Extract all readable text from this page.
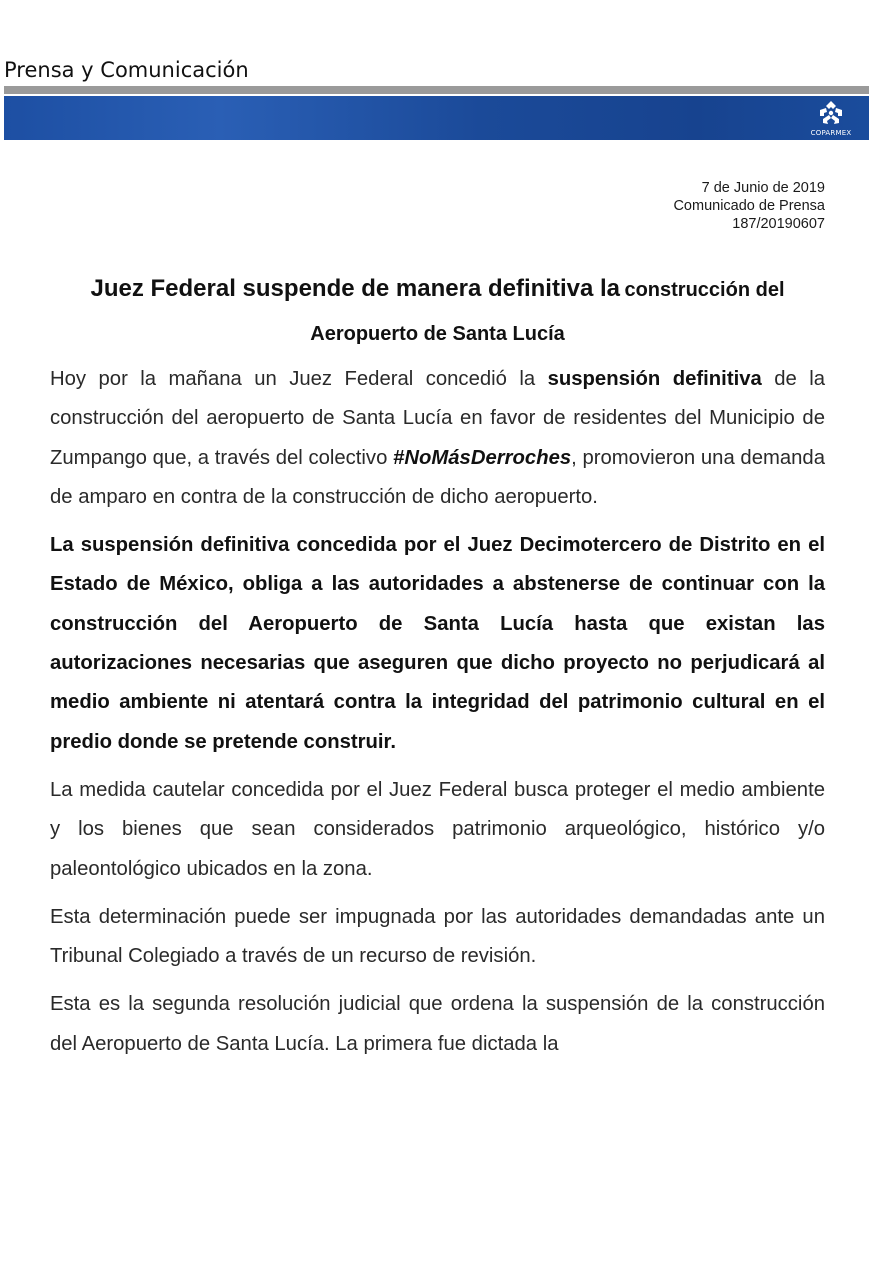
Prensa y Comunicación
COPARMEX
7 de Junio de 2019
Comunicado de Prensa
187/20190607
Juez Federal suspende de manera definitiva la construcción del
Aeropuerto de Santa Lucía

Hoy por la mañana un Juez Federal concedió la suspensión definitiva de la construcción del aeropuerto de Santa Lucía en favor de residentes del Municipio de Zumpango que, a través del colectivo #NoMásDerroches, promovieron una demanda de amparo en contra de la construcción de dicho aeropuerto.

La suspensión definitiva concedida por el Juez Decimotercero de Distrito en el Estado de México, obliga a las autoridades a abstenerse de continuar con la construcción del Aeropuerto de Santa Lucía hasta que existan las autorizaciones necesarias que aseguren que dicho proyecto no perjudicará al medio ambiente ni atentará contra la integridad del patrimonio cultural en el predio donde se pretende construir.

La medida cautelar concedida por el Juez Federal busca proteger el medio ambiente y los bienes que sean considerados patrimonio arqueológico, histórico y/o paleontológico ubicados en la zona.

Esta determinación puede ser impugnada por las autoridades demandadas ante un Tribunal Colegiado a través de un recurso de revisión.

Esta es la segunda resolución judicial que ordena la suspensión de la construcción del Aeropuerto de Santa Lucía. La primera fue dictada la
